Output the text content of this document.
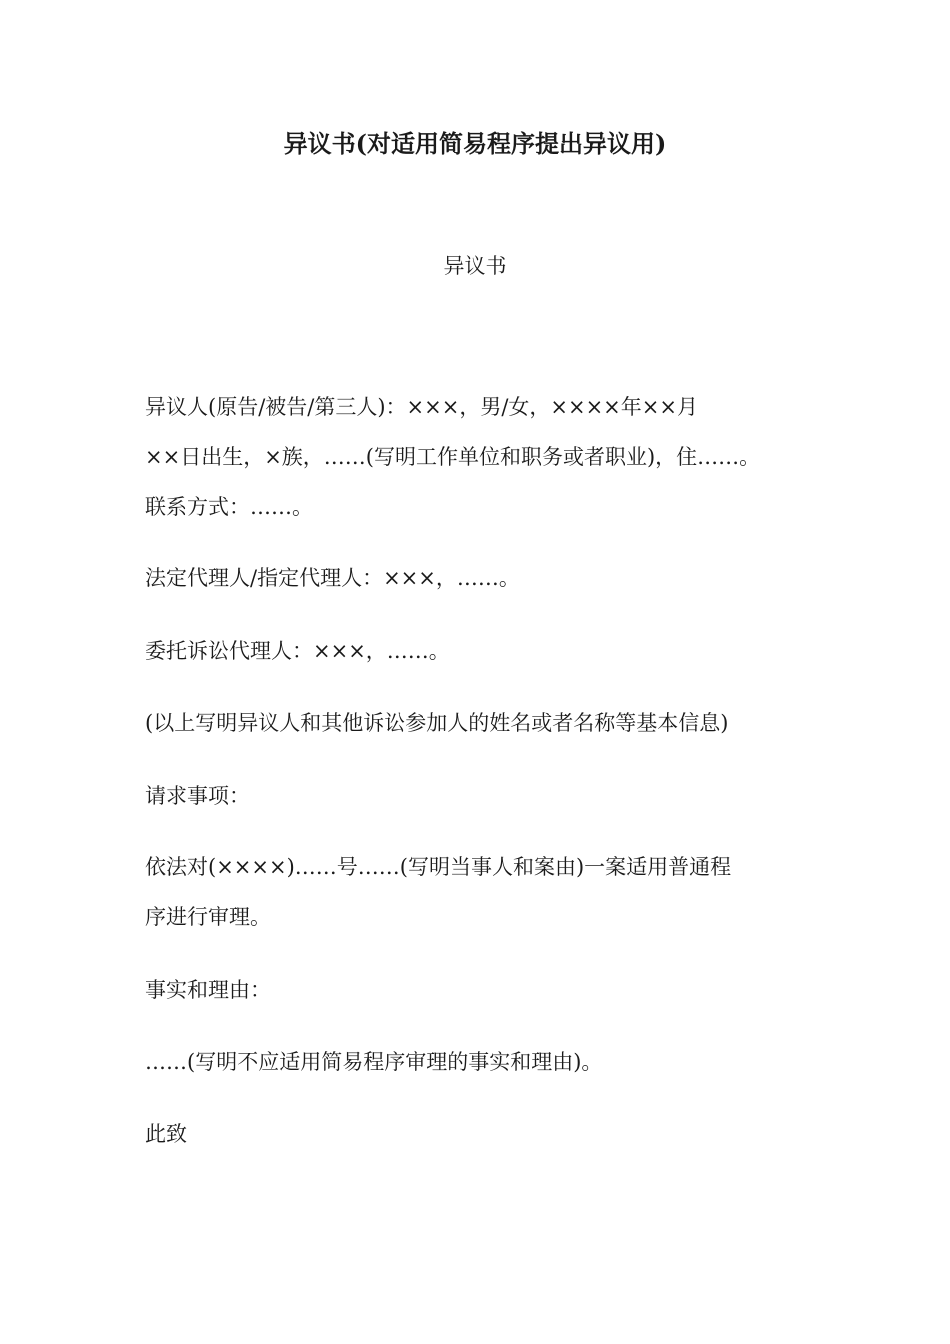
异议书(对适用简易程序提出异议用)
异议书
异议人(原告/被告/第三人)：×××，男/女，××××年××月
××日出生，×族，……(写明工作单位和职务或者职业)，住……。
联系方式：……。
法定代理人/指定代理人：×××，……。
委托诉讼代理人：×××，……。
(以上写明异议人和其他诉讼参加人的姓名或者名称等基本信息)
请求事项：
依法对(××××)……号……(写明当事人和案由)一案适用普通程
序进行审理。
事实和理由：
……(写明不应适用简易程序审理的事实和理由)。
此致
